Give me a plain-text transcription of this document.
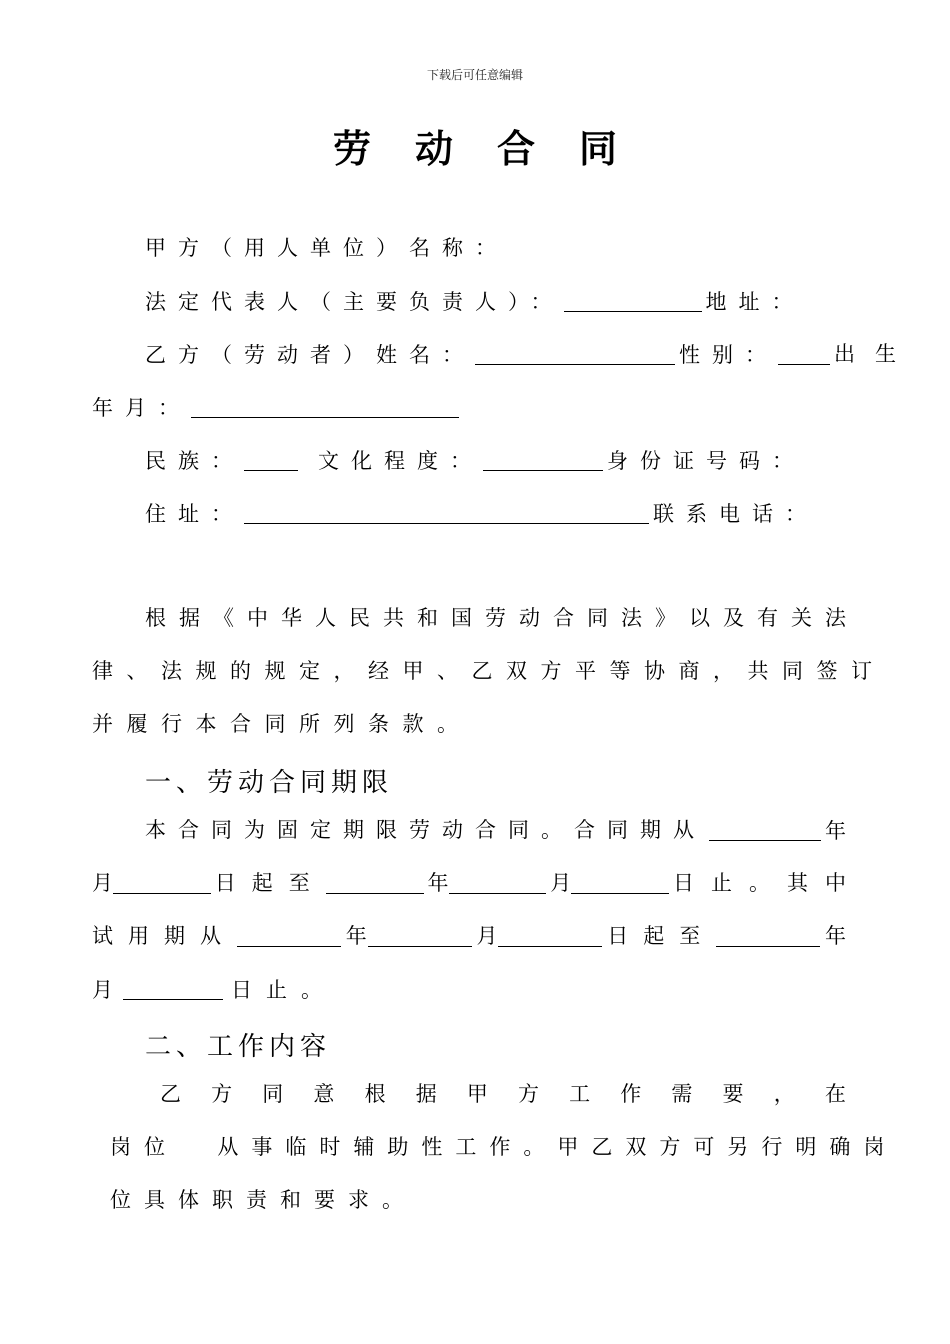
下载后可任意编辑
劳动合同
甲方（用人单位）名称：
法定代表人（主要负责人）：	地址：
乙方（劳动者）姓名：	性别：	出生
年月：
民族：	文化程度：	身份证号码：
住址：	联系电话：
根据《中华人民共和国劳动合同法》以及有关法
律、法规的规定，经甲、乙双方平等协商，共同签订
并履行本合同所列条款。
一、劳动合同期限
本合同为固定期限劳动合同。合同期从	年
月	日起至	年	月	日止。其中
试用期从	年	月	日起至	年
月	日止。
二、工作内容
乙 方 同 意 根 据 甲 方 工 作 需 要 ， 在
岗位  从事临时辅助性工作。甲乙双方可另行明确岗
位具体职责和要求。
